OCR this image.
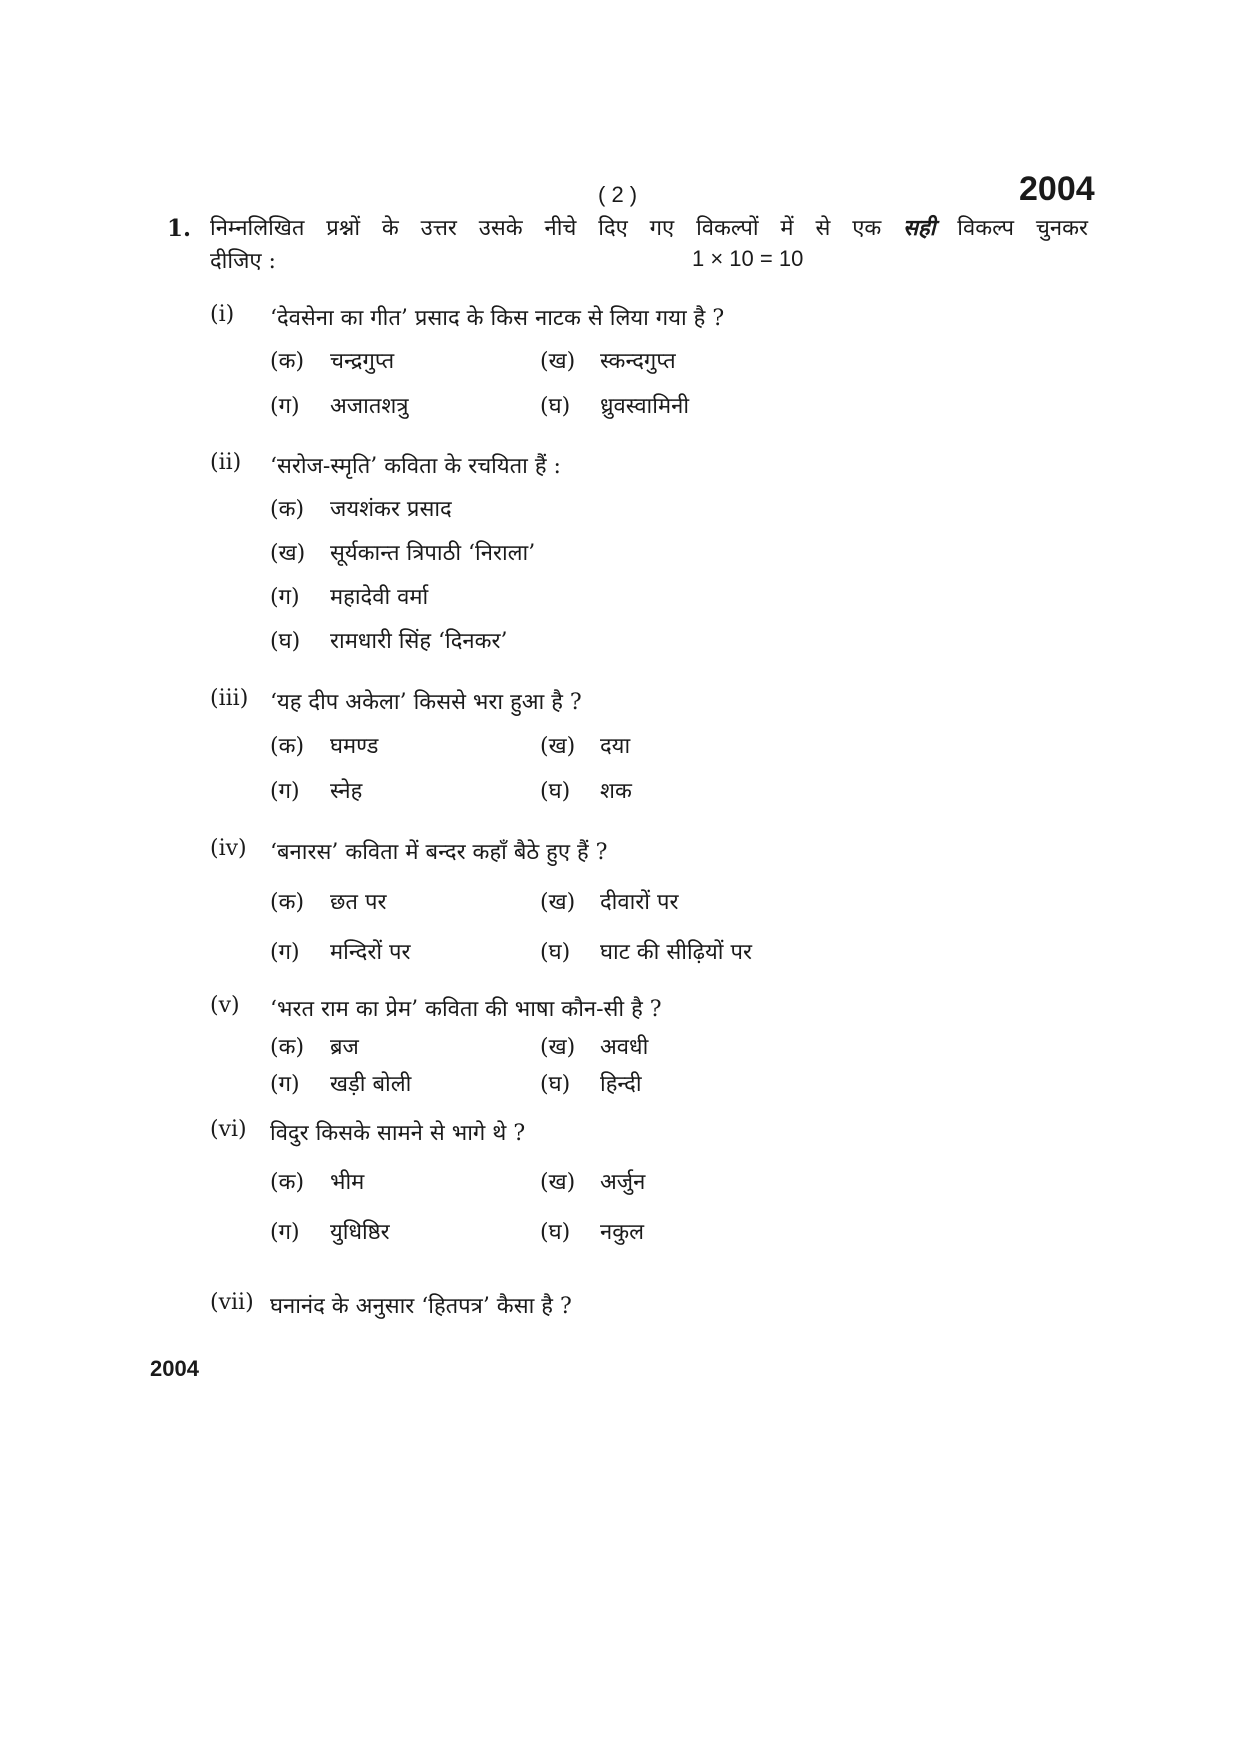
( 2 )	2004
1. निम्नलिखित प्रश्नों के उत्तर उसके नीचे दिए गए विकल्पों में से एक सही विकल्प चुनकर
दीजिए :	1 × 10 = 10
(i) ‘देवसेना का गीत’ प्रसाद के किस नाटक से लिया गया है ?
(क) चन्द्रगुप्त	(ख) स्कन्दगुप्त
(ग) अजातशत्रु	(घ) ध्रुवस्वामिनी
(ii) ‘सरोज-स्मृति’ कविता के रचयिता हैं :
(क) जयशंकर प्रसाद
(ख) सूर्यकान्त त्रिपाठी ‘निराला’
(ग) महादेवी वर्मा
(घ) रामधारी सिंह ‘दिनकर’
(iii) ‘यह दीप अकेला’ किससे भरा हुआ है ?
(क) घमण्ड	(ख) दया
(ग) स्नेह	(घ) शक
(iv) ‘बनारस’ कविता में बन्दर कहाँ बैठे हुए हैं ?
(क) छत पर	(ख) दीवारों पर
(ग) मन्दिरों पर	(घ) घाट की सीढ़ियों पर
(v) ‘भरत राम का प्रेम’ कविता की भाषा कौन-सी है ?
(क) ब्रज	(ख) अवधी
(ग) खड़ी बोली	(घ) हिन्दी
(vi) विदुर किसके सामने से भागे थे ?
(क) भीम	(ख) अर्जुन
(ग) युधिष्ठिर	(घ) नकुल
(vii) घनानंद के अनुसार ‘हितपत्र’ कैसा है ?
2004
